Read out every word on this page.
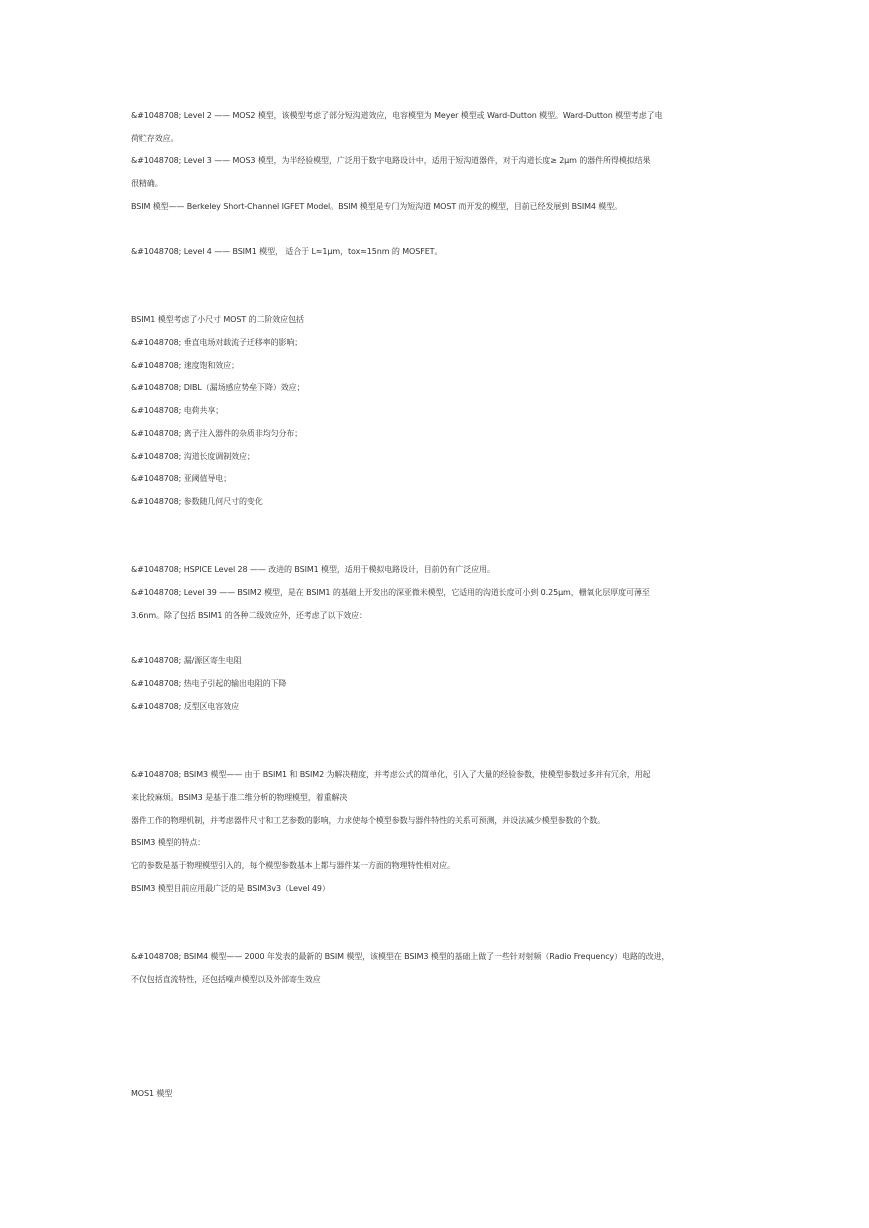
&#1048708; Level 2 —— MOS2 模型，该模型考虑了部分短沟道效应，电容模型为 Meyer 模型或 Ward-Dutton 模型。Ward-Dutton 模型考虑了电
荷贮存效应。
&#1048708; Level 3 —— MOS3 模型，为半经验模型，广泛用于数字电路设计中，适用于短沟道器件，对于沟道长度≥ 2μm 的器件所得模拟结果
很精确。
BSIM 模型—— Berkeley Short-Channel IGFET Model。BSIM 模型是专门为短沟道 MOST 而开发的模型，目前已经发展到 BSIM4 模型。
&#1048708; Level 4 —— BSIM1 模型， 适合于 L≈1μm，tox≈15nm 的 MOSFET。
BSIM1 模型考虑了小尺寸 MOST 的二阶效应包括
&#1048708; 垂直电场对载流子迁移率的影响；
&#1048708; 速度饱和效应；
&#1048708; DIBL（漏场感应势垒下降）效应；
&#1048708; 电荷共享；
&#1048708; 离子注入器件的杂质非均匀分布；
&#1048708; 沟道长度调制效应；
&#1048708; 亚阈值导电；
&#1048708; 参数随几何尺寸的变化
&#1048708; HSPICE Level 28 —— 改进的 BSIM1 模型，适用于模拟电路设计，目前仍有广泛应用。
&#1048708; Level 39 —— BSIM2 模型，是在 BSIM1 的基础上开发出的深亚微米模型，它适用的沟道长度可小到 0.25μm，栅氧化层厚度可薄至
3.6nm。除了包括 BSIM1 的各种二级效应外，还考虑了以下效应：
&#1048708; 漏/源区寄生电阻
&#1048708; 热电子引起的输出电阻的下降
&#1048708; 反型区电容效应
&#1048708; BSIM3 模型—— 由于 BSIM1 和 BSIM2 为解决精度，并考虑公式的简单化，引入了大量的经验参数，使模型参数过多并有冗余，用起
来比较麻烦。BSIM3 是基于准二维分析的物理模型，着重解决
器件工作的物理机制，并考虑器件尺寸和工艺参数的影响，力求使每个模型参数与器件特性的关系可预测，并设法减少模型参数的个数。
BSIM3 模型的特点：
它的参数是基于物理模型引入的，每个模型参数基本上都与器件某一方面的物理特性相对应。
BSIM3 模型目前应用最广泛的是 BSIM3v3（Level 49）
&#1048708; BSIM4 模型—— 2000 年发表的最新的 BSIM 模型，该模型在 BSIM3 模型的基础上做了一些针对射频（Radio Frequency）电路的改进，
不仅包括直流特性，还包括噪声模型以及外部寄生效应
MOS1 模型
